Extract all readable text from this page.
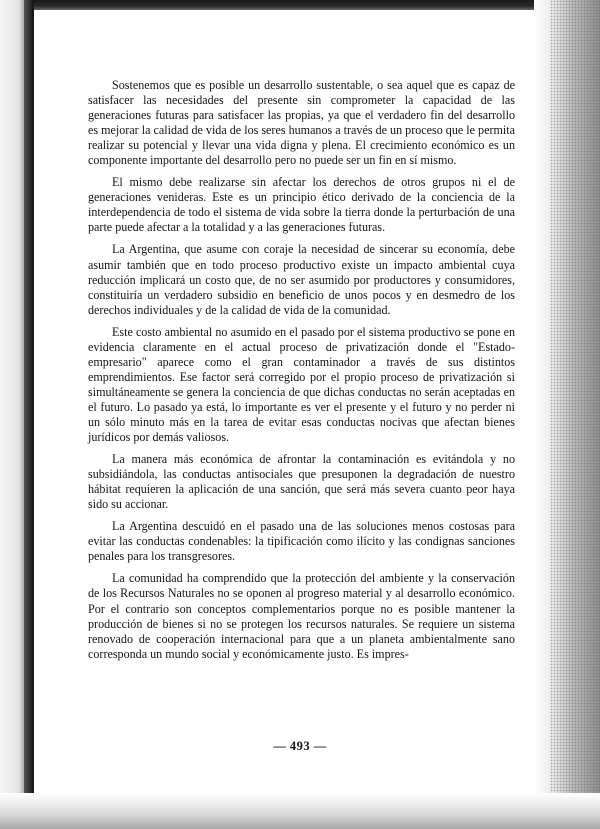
Sostenemos que es posible un desarrollo sustentable, o sea aquel que es capaz de satisfacer las necesidades del presente sin comprometer la capacidad de las generaciones futuras para satisfacer las propias, ya que el verdadero fin del desarrollo es mejorar la calidad de vida de los seres humanos a través de un proceso que le permita realizar su potencial y llevar una vida digna y plena. El crecimiento económico es un componente importante del desarrollo pero no puede ser un fin en sí mismo.

El mismo debe realizarse sin afectar los derechos de otros grupos ni el de generaciones venideras. Este es un principio ético derivado de la conciencia de la interdependencia de todo el sistema de vida sobre la tierra donde la perturbación de una parte puede afectar a la totalidad y a las generaciones futuras.

La Argentina, que asume con coraje la necesidad de sincerar su economía, debe asumir también que en todo proceso productivo existe un impacto ambiental cuya reducción implicará un costo que, de no ser asumido por productores y consumidores, constituiría un verdadero subsidio en beneficio de unos pocos y en desmedro de los derechos individuales y de la calidad de vida de la comunidad.

Este costo ambiental no asumido en el pasado por el sistema productivo se pone en evidencia claramente en el actual proceso de privatización donde el "Estado-empresario" aparece como el gran contaminador a través de sus distintos emprendimientos. Ese factor será corregido por el propio proceso de privatización si simultáneamente se genera la conciencia de que dichas conductas no serán aceptadas en el futuro. Lo pasado ya está, lo importante es ver el presente y el futuro y no perder ni un sólo minuto más en la tarea de evitar esas conductas nocivas que afectan bienes jurídicos por demás valiosos.

La manera más económica de afrontar la contaminación es evitándola y no subsidiándola, las conductas antisociales que presuponen la degradación de nuestro hábitat requieren la aplicación de una sanción, que será más severa cuanto peor haya sido su accionar.

La Argentina descuidó en el pasado una de las soluciones menos costosas para evitar las conductas condenables: la tipificación como ilícito y las condignas sanciones penales para los transgresores.

La comunidad ha comprendido que la protección del ambiente y la conservación de los Recursos Naturales no se oponen al progreso material y al desarrollo económico. Por el contrario son conceptos complementarios porque no es posible mantener la producción de bienes si no se protegen los recursos naturales. Se requiere un sistema renovado de cooperación internacional para que a un planeta ambientalmente sano corresponda un mundo social y económicamente justo. Es impres-

— 493 —
